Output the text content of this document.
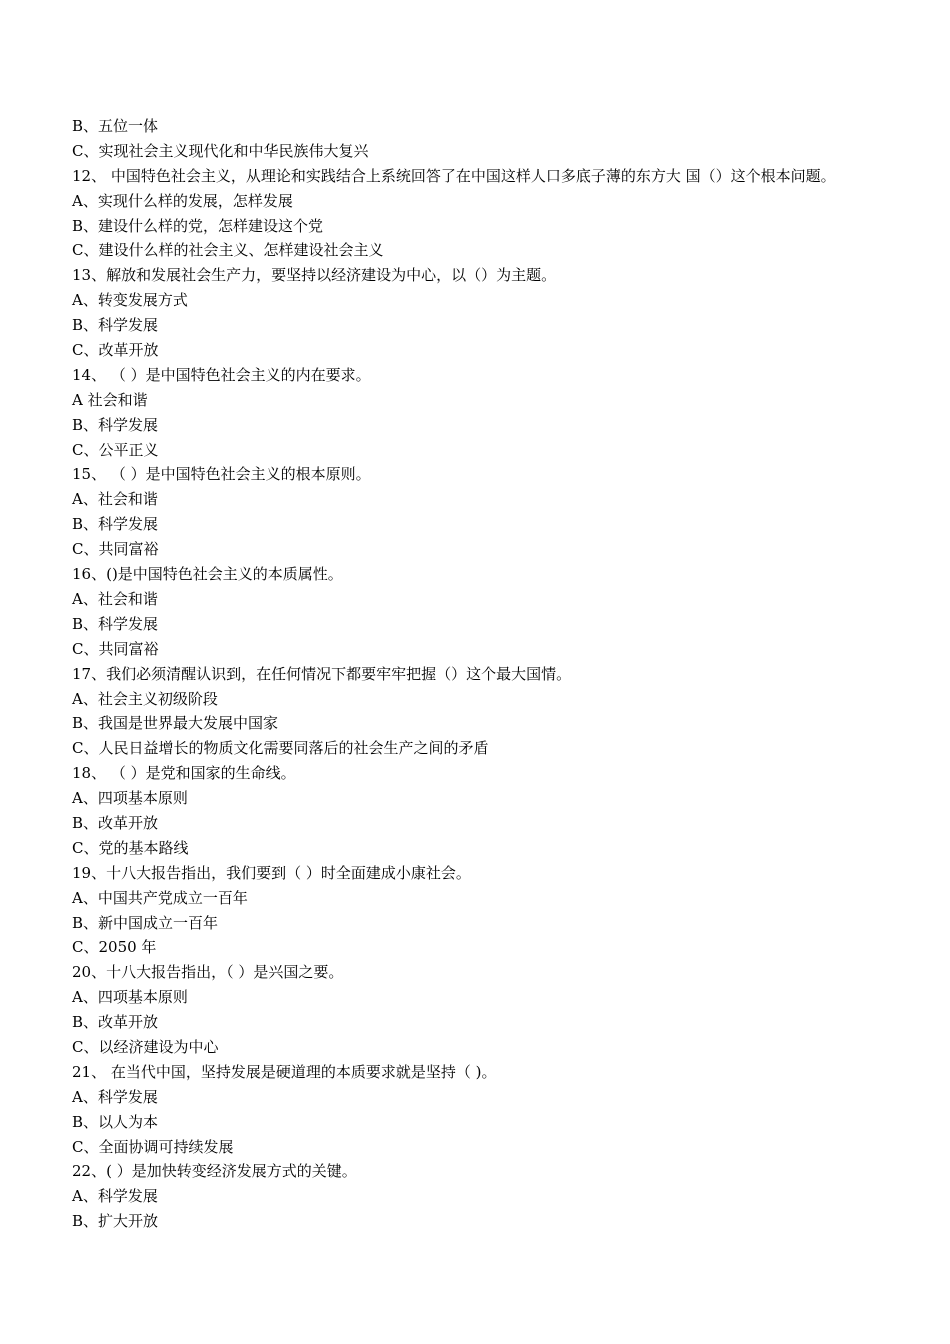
B、五位一体
C、实现社会主义现代化和中华民族伟大复兴
12、 中国特色社会主义，从理论和实践结合上系统回答了在中国这样人口多底子薄的东方大 国（）这个根本问题。
A、实现什么样的发展，怎样发展
B、建设什么样的党，怎样建设这个党
C、建设什么样的社会主义、怎样建设社会主义
13、解放和发展社会生产力，要坚持以经济建设为中心，以（）为主题。
A、转变发展方式
B、科学发展
C、改革开放
14、 （ ）是中国特色社会主义的内在要求。
A 社会和谐
B、科学发展
C、公平正义
15、 （ ）是中国特色社会主义的根本原则。
A、社会和谐
B、科学发展
C、共同富裕
16、()是中国特色社会主义的本质属性。
A、社会和谐
B、科学发展
C、共同富裕
17、我们必须清醒认识到，在任何情况下都要牢牢把握（）这个最大国情。
A、社会主义初级阶段
B、我国是世界最大发展中国家
C、人民日益增长的物质文化需要同落后的社会生产之间的矛盾
18、 （ ）是党和国家的生命线。
A、四项基本原则
B、改革开放
C、党的基本路线
19、十八大报告指出，我们要到（ ）时全面建成小康社会。
A、中国共产党成立一百年
B、新中国成立一百年
C、2050 年
20、十八大报告指出，（ ）是兴国之要。
A、四项基本原则
B、改革开放
C、以经济建设为中心
21、 在当代中国，坚持发展是硬道理的本质要求就是坚持（ )。
A、科学发展
B、以人为本
C、全面协调可持续发展
22、( ）是加快转变经济发展方式的关键。
A、科学发展
B、扩大开放
